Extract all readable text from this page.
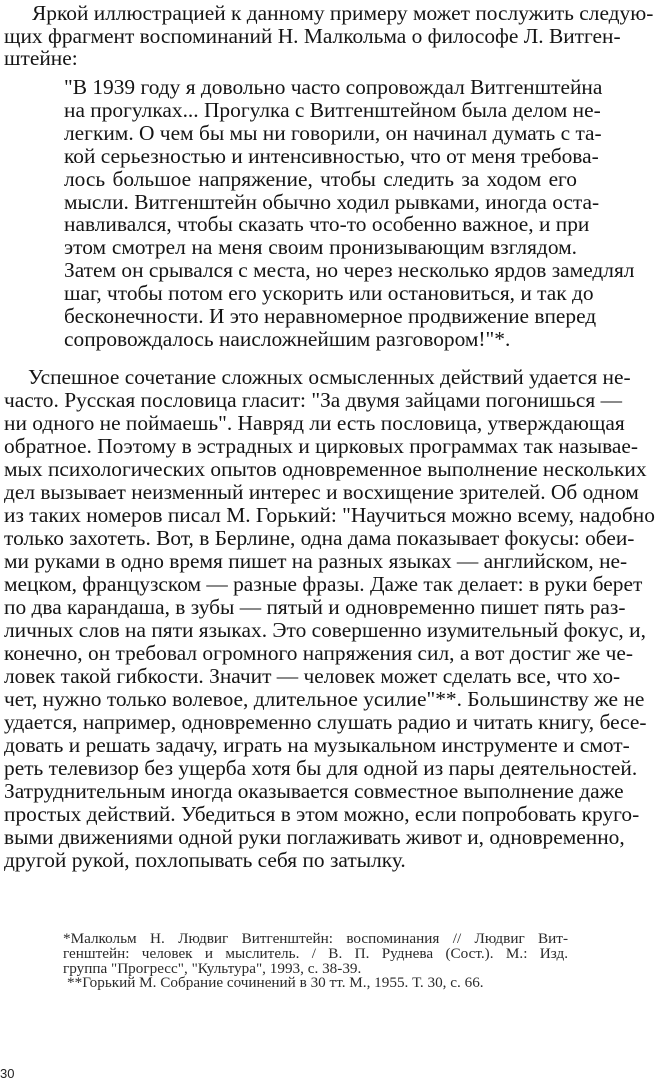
Яркой иллюстрацией к данному примеру может послужить следую-
щих фрагмент воспоминаний Н. Малкольма о философе Л. Витген-
штейне:

"В 1939 году я довольно часто сопровождал Витгенштейна
на прогулках... Прогулка с Витгенштейном была делом не-
легким. О чем бы мы ни говорили, он начинал думать с та-
кой серьезностью и интенсивностью, что от меня требова-
лось большое напряжение, чтобы следить за ходом его
мысли. Витгенштейн обычно ходил рывками, иногда оста-
навливался, чтобы сказать что-то особенно важное, и при
этом смотрел на меня своим пронизывающим взглядом.
Затем он срывался с места, но через несколько ярдов замедлял
шаг, чтобы потом его ускорить или остановиться, и так до
бесконечности. И это неравномерное продвижение вперед
сопровождалось наисложнейшим разговором!"*.

Успешное сочетание сложных осмысленных действий удается не-
часто. Русская пословица гласит: "За двумя зайцами погонишься —
ни одного не поймаешь". Навряд ли есть пословица, утверждающая
обратное. Поэтому в эстрадных и цирковых программах так называе-
мых психологических опытов одновременное выполнение нескольких
дел вызывает неизменный интерес и восхищение зрителей. Об одном
из таких номеров писал М. Горький: "Научиться можно всему, надобно
только захотеть. Вот, в Берлине, одна дама показывает фокусы: обеи-
ми руками в одно время пишет на разных языках — английском, не-
мецком, французском — разные фразы. Даже так делает: в руки берет
по два карандаша, в зубы — пятый и одновременно пишет пять раз-
личных слов на пяти языках. Это совершенно изумительный фокус, и,
конечно, он требовал огромного напряжения сил, а вот достиг же че-
ловек такой гибкости. Значит — человек может сделать все, что хо-
чет, нужно только волевое, длительное усилие"**. Большинству же не
удается, например, одновременно слушать радио и читать книгу, бесе-
довать и решать задачу, играть на музыкальном инструменте и смот-
реть телевизор без ущерба хотя бы для одной из пары деятельностей.
Затруднительным иногда оказывается совместное выполнение даже
простых действий. Убедиться в этом можно, если попробовать круго-
выми движениями одной руки поглаживать живот и, одновременно,
другой рукой, похлопывать себя по затылку.

*Малкольм Н. Людвиг Витгенштейн: воспоминания // Людвиг Вит-
генштейн: человек и мыслитель. / В. П. Руднева (Сост.). М.: Изд.
группа "Прогресс", "Культура", 1993, с. 38-39.
**Горький М. Собрание сочинений в 30 тт. М., 1955. Т. 30, с. 66.
30
